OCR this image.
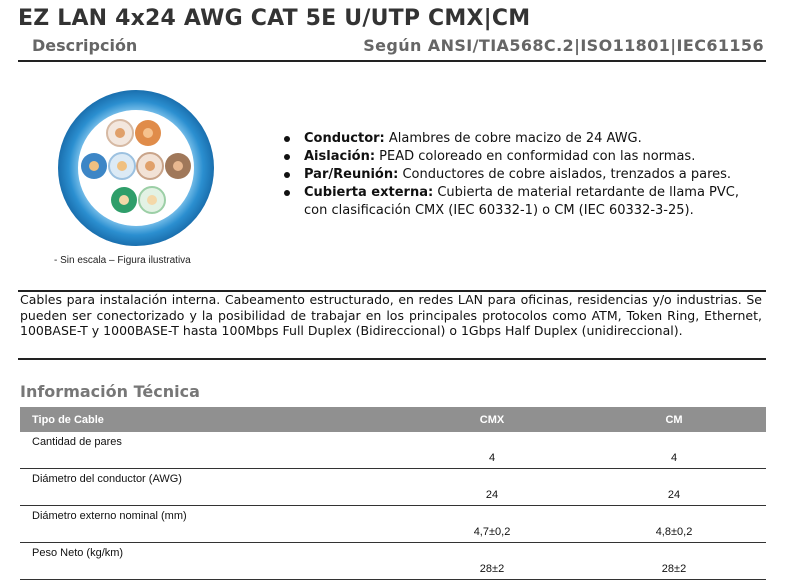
EZ LAN 4x24 AWG CAT 5E U/UTP CMX|CM
Descripción	Según ANSI/TIA568C.2|ISO11801|IEC61156
- Sin escala – Figura ilustrativa
Conductor: Alambres de cobre macizo de 24 AWG.
Aislación: PEAD coloreado en conformidad con las normas.
Par/Reunión: Conductores de cobre aislados, trenzados a pares.
Cubierta externa: Cubierta de material retardante de llama PVC, con clasificación CMX (IEC 60332-1) o CM (IEC 60332-3-25).

Cables para instalación interna. Cabeamento estructurado, en redes LAN para oficinas, residencias y/o industrias. Se pueden ser conectorizado y la posibilidad de trabajar en los principales protocolos como ATM, Token Ring, Ethernet, 100BASE-T y 1000BASE-T hasta 100Mbps Full Duplex (Bidireccional) o 1Gbps Half Duplex (unidireccional).

Información Técnica
Tipo de Cable	CMX	CM
Cantidad de pares	4	4
Diámetro del conductor (AWG)	24	24
Diámetro externo nominal (mm)	4,7±0,2	4,8±0,2
Peso Neto (kg/km)	28±2	28±2
